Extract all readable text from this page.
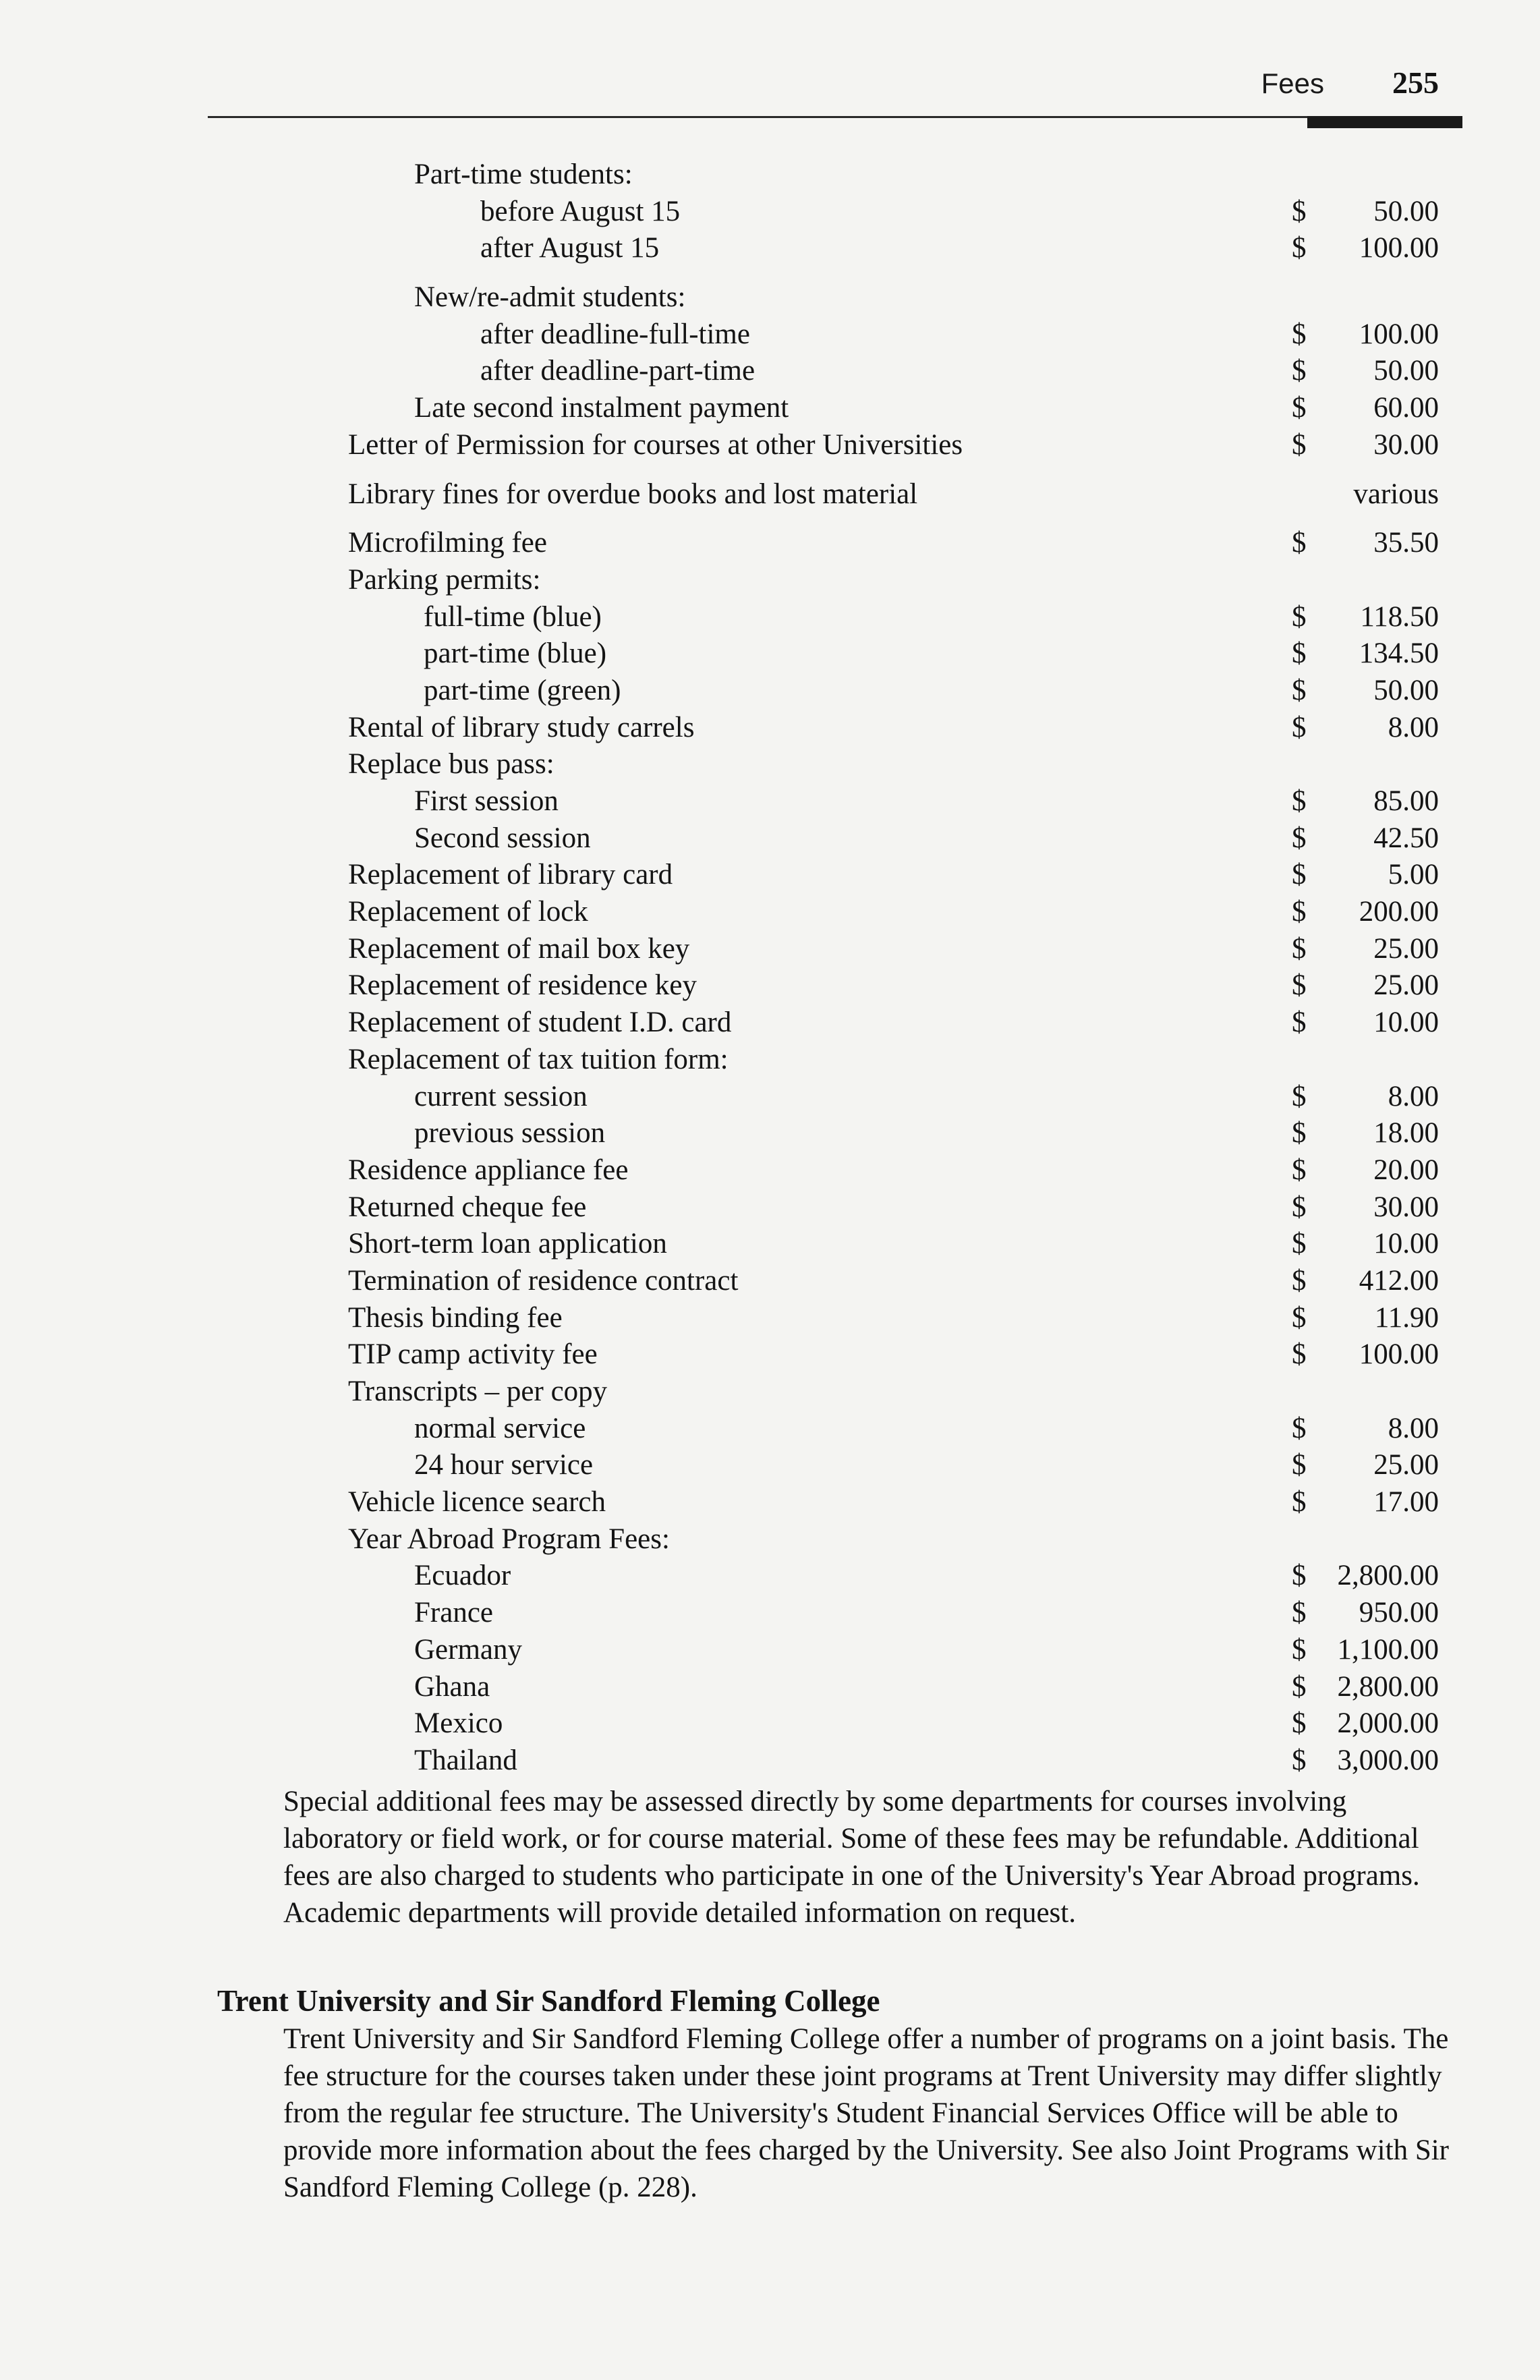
Fees 255
Part-time students:
before August 15	$ 50.00
after August 15	$ 100.00
New/re-admit students:
after deadline-full-time	$ 100.00
after deadline-part-time	$ 50.00
Late second instalment payment	$ 60.00
Letter of Permission for courses at other Universities	$ 30.00
Library fines for overdue books and lost material	various
Microfilming fee	$ 35.50
Parking permits:
full-time (blue)	$ 118.50
part-time (blue)	$ 134.50
part-time (green)	$ 50.00
Rental of library study carrels	$	8.00
Replace bus pass:
First session	$ 85.00
Second session	$ 42.50
Replacement of library card	$	5.00
Replacement of lock	$ 200.00
Replacement of mail box key	$ 25.00
Replacement of residence key	$ 25.00
Replacement of student I.D. card	$ 10.00
Replacement of tax tuition form:
current session	$	8.00
previous session	$ 18.00
Residence appliance fee	$ 20.00
Returned cheque fee	$ 30.00
Short-term loan application	$ 10.00
Termination of residence contract	$ 412.00
Thesis binding fee	$ 11.90
TIP camp activity fee	$ 100.00
Transcripts – per copy
normal service	$	8.00
24 hour service	$ 25.00
Vehicle licence search	$ 17.00
Year Abroad Program Fees:
Ecuador	$ 2,800.00
France	$ 950.00
Germany	$ 1,100.00
Ghana	$ 2,800.00
Mexico	$ 2,000.00
Thailand	$ 3,000.00
Special additional fees may be assessed directly by some departments for courses involving laboratory or field work, or for course material. Some of these fees may be refundable. Additional fees are also charged to students who participate in one of the University's Year Abroad programs. Academic departments will provide detailed information on request.
Trent University and Sir Sandford Fleming College
Trent University and Sir Sandford Fleming College offer a number of programs on a joint basis. The fee structure for the courses taken under these joint programs at Trent University may differ slightly from the regular fee structure. The University's Student Financial Services Office will be able to provide more information about the fees charged by the University. See also Joint Programs with Sir Sandford Fleming College (p. 228).
